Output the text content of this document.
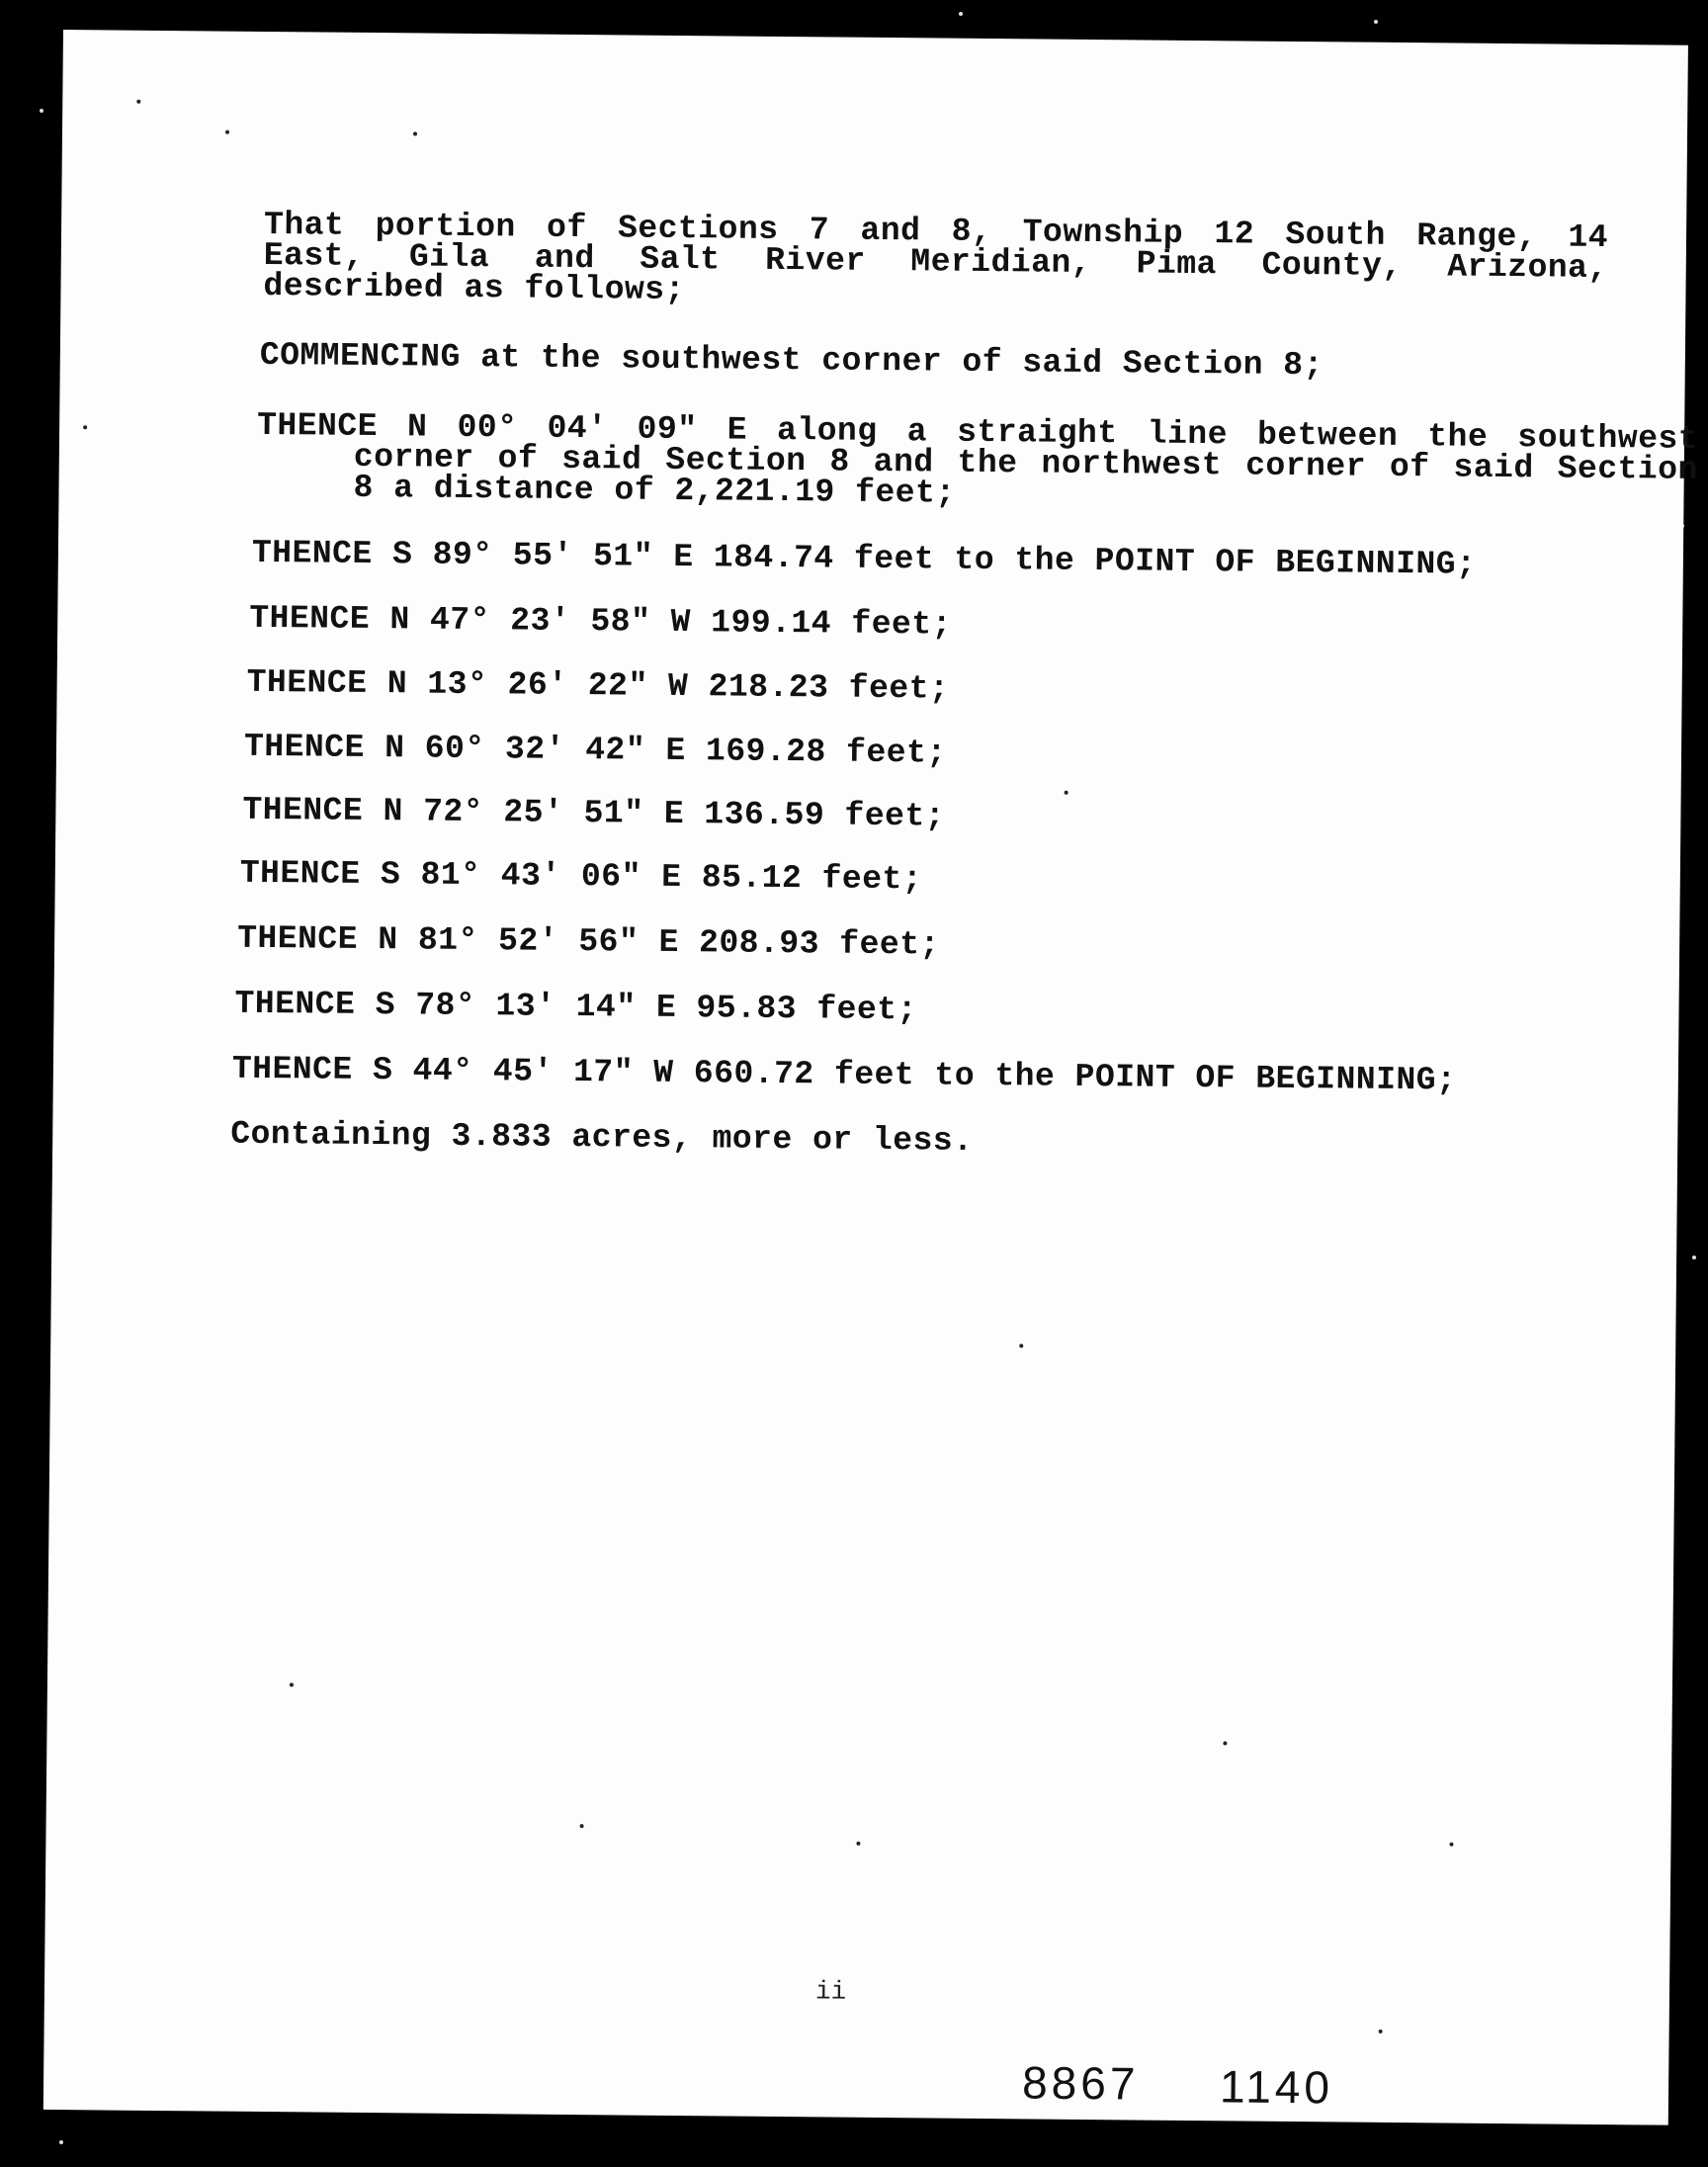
That portion of Sections 7 and 8, Township 12 South Range, 14 East, Gila and Salt River Meridian, Pima County, Arizona, described as follows;
COMMENCING at the southwest corner of said Section 8;
THENCE N 00° 04' 09" E along a straight line between the southwest corner of said Section 8 and the northwest corner of said Section 8 a distance of 2,221.19 feet;
THENCE S 89° 55' 51" E 184.74 feet to the POINT OF BEGINNING;
THENCE N 47° 23' 58" W 199.14 feet;
THENCE N 13° 26' 22" W 218.23 feet;
THENCE N 60° 32' 42" E 169.28 feet;
THENCE N 72° 25' 51" E 136.59 feet;
THENCE S 81° 43' 06" E 85.12 feet;
THENCE N 81° 52' 56" E 208.93 feet;
THENCE S 78° 13' 14" E 95.83 feet;
THENCE S 44° 45' 17" W 660.72 feet to the POINT OF BEGINNING;
Containing 3.833 acres, more or less.
ii
8867 1140
